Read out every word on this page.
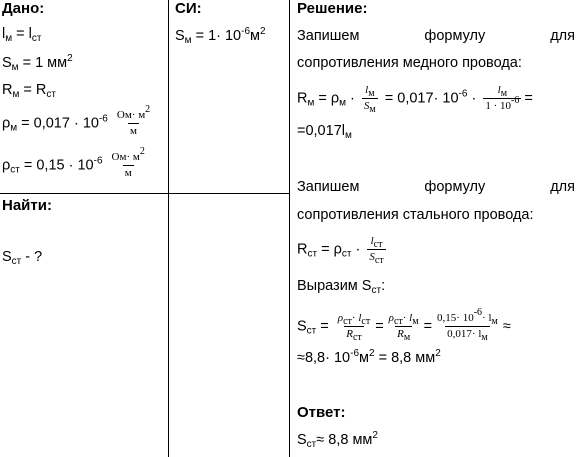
Дано:
$l_м = l_{ст}$
$S_м = 1$ $мм^2$
$R_м = R_{ст}$
$\rho_м = 0,017 \cdot 10^{-6} \frac{Ом\cdot м^2}{м}$
$\rho_{ст} = 0,15 \cdot 10^{-6} \frac{Ом\cdot м^2}{м}$
Найти:
$S_{ст}$ - ?
СИ:
$S_м = 1\cdot 10^{-6}м^2$
Решение:
Запишем	формулу	для
сопротивления медного провода:
$R_м = \rho_м \cdot \frac{l_м}{S_м} = 0,017\cdot 10^{-6} \cdot \frac{l_м}{1 \cdot 10^{-6}}$ =
$=0,017l_м$
Запишем	формулу	для
сопротивления стального провода:
$R_{ст} = \rho_{ст} \cdot \frac{l_{ст}}{S_{ст}}$
Выразим $S_{ст}$:
$S_{ст} = \frac{\rho_{ст}\cdot l_{ст}}{R_{ст}} = \frac{\rho_{ст}\cdot l_м}{R_м} = \frac{0,15\cdot 10^{-6}\cdot l_м}{0,017\cdot l_м}$ ≈
$\approx 8,8\cdot 10^{-6}м^2 = 8,8$ $мм^2$
Ответ:
$S_{ст}\approx 8,8$ $мм^2$
